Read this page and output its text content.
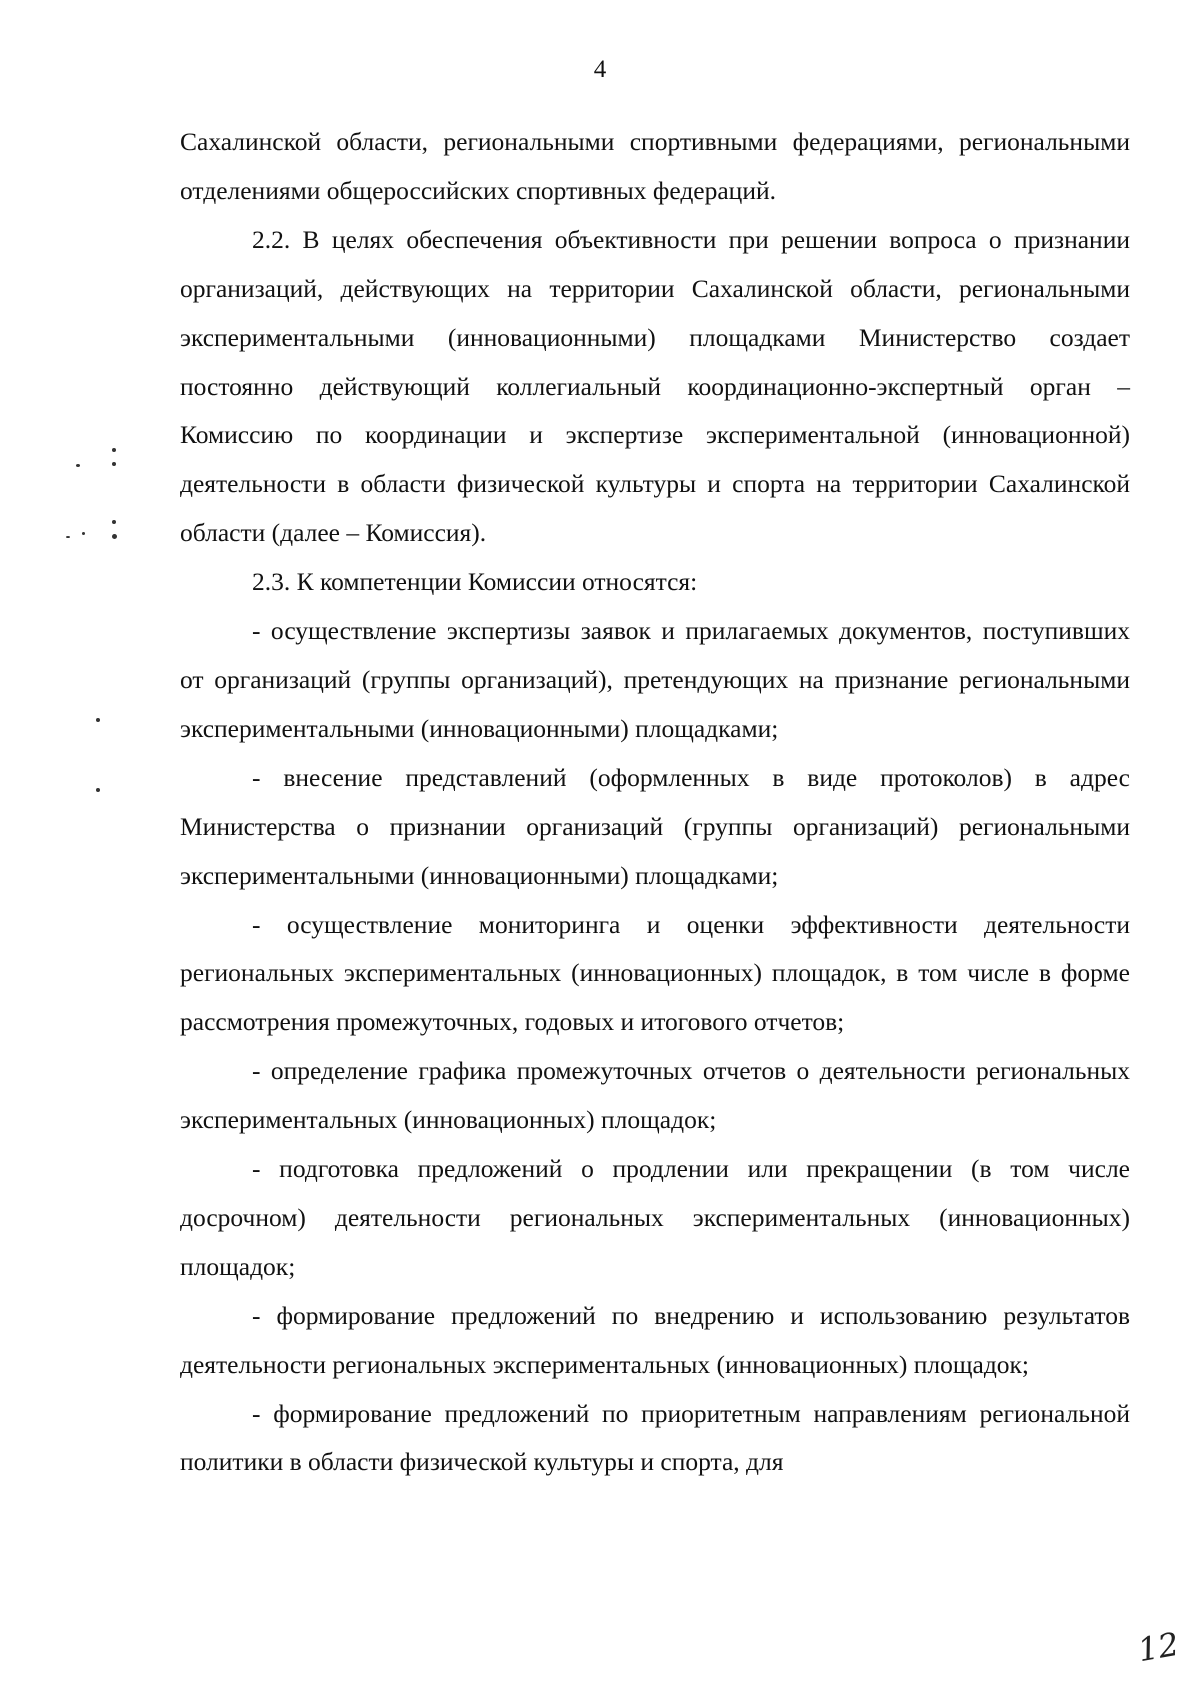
4

Сахалинской области, региональными спортивными федерациями, региональными отделениями общероссийских спортивных федераций.

2.2. В целях обеспечения объективности при решении вопроса о признании организаций, действующих на территории Сахалинской области, региональными экспериментальными (инновационными) площадками Министерство создает постоянно действующий коллегиальный координационно-экспертный орган – Комиссию по координации и экспертизе экспериментальной (инновационной) деятельности в области физической культуры и спорта на территории Сахалинской области (далее – Комиссия).

2.3. К компетенции Комиссии относятся:

- осуществление экспертизы заявок и прилагаемых документов, поступивших от организаций (группы организаций), претендующих на признание региональными экспериментальными (инновационными) площадками;

- внесение представлений (оформленных в виде протоколов) в адрес Министерства о признании организаций (группы организаций) региональными экспериментальными (инновационными) площадками;

- осуществление мониторинга и оценки эффективности деятельности региональных экспериментальных (инновационных) площадок, в том числе в форме рассмотрения промежуточных, годовых и итогового отчетов;

- определение графика промежуточных отчетов о деятельности региональных экспериментальных (инновационных) площадок;

- подготовка предложений о продлении или прекращении (в том числе досрочном) деятельности региональных экспериментальных (инновационных) площадок;

- формирование предложений по внедрению и использованию результатов деятельности региональных экспериментальных (инновационных) площадок;

- формирование предложений по приоритетным направлениям региональной политики в области физической культуры и спорта, для

12
